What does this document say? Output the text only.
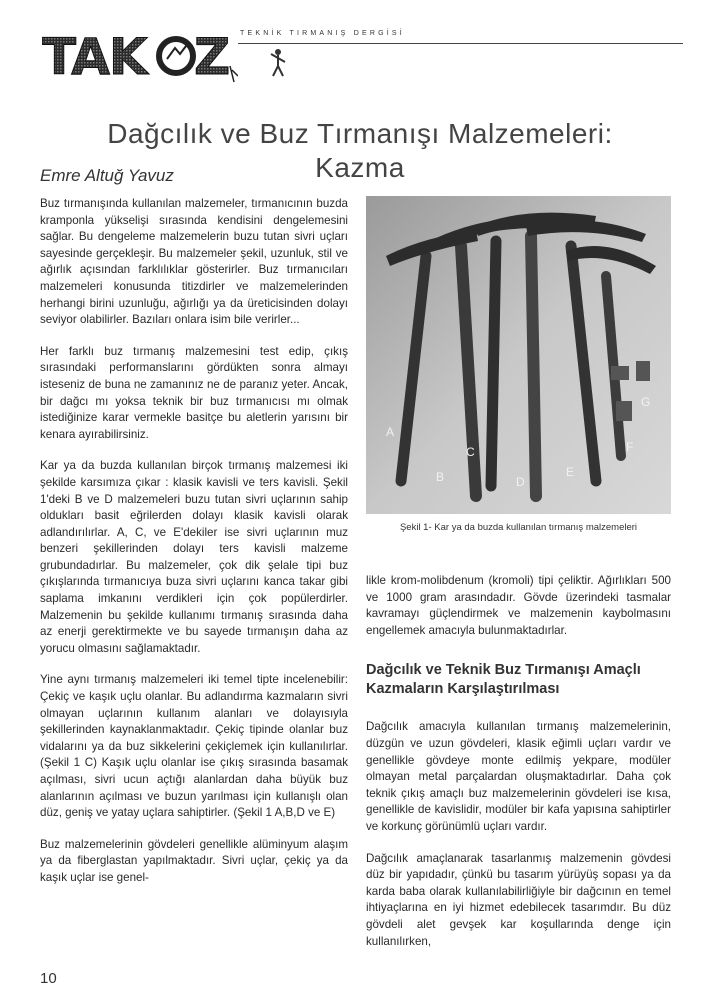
TAK Z TEKNİK TIRMANIŞ DERGİSİ
Dağcılık ve Buz Tırmanışı Malzemeleri: Kazma
Emre Altuğ Yavuz

Buz tırmanışında kullanılan malzemeler, tırmanıcının buzda kramponla yükselişi sırasında kendisini dengelemesini sağlar. Bu dengeleme malzemelerin buzu tutan sivri uçları sayesinde gerçekleşir. Bu malzemeler şekil, uzunluk, stil ve ağırlık açısından farklılıklar gösterirler. Buz tırmanıcıları malzemeleri konusunda titizdirler ve malzemelerinden herhangi birini uzunluğu, ağırlığı ya da üreticisinden dolayı seviyor olabilirler. Bazıları onlara isim bile verirler...

Her farklı buz tırmanış malzemesini test edip, çıkış sırasındaki performanslarını gördükten sonra almayı isteseniz de buna ne zamanınız ne de paranız yeter. Ancak, bir dağcı mı yoksa teknik bir buz tırmanıcısı mı olmak istediğinize karar vermekle basitçe bu aletlerin yarısını bir kenara ayırabilirsiniz.

Kar ya da buzda kullanılan birçok tırmanış malzemesi iki şekilde karsımıza çıkar : klasik kavisli ve ters kavisli. Şekil 1'deki B ve D malzemeleri buzu tutan sivri uçlarının sahip oldukları basit eğrilerden dolayı klasik kavisli olarak adlandırılırlar. A, C, ve E'dekiler ise sivri uçlarının muz benzeri şekillerinden dolayı ters kavisli malzeme grubundadırlar. Bu malzemeler, çok dik şelale tipi buz çıkışlarında tırmanıcıya buza sivri uçlarını kanca takar gibi saplama imkanını verdikleri için çok popülerdirler. Malzemenin bu şekilde kullanımı tırmanış sırasında daha az enerji gerektirmekte ve bu sayede tırmanışın daha az yorucu olmasını sağlamaktadır.

Yine aynı tırmanış malzemeleri iki temel tipte incelenebilir: Çekiç ve kaşık uçlu olanlar. Bu adlandırma kazmaların sivri olmayan uçlarının kullanım alanları ve dolayısıyla şekillerinden kaynaklanmaktadır. Çekiç tipinde olanlar buz vidalarını ya da buz sikkelerini çekiçlemek için kullanılırlar. (Şekil 1 C) Kaşık uçlu olanlar ise çıkış sırasında basamak açılması, sivri ucun açtığı alanlardan daha büyük buz alanlarının açılması ve buzun yarılması için kullanışlı olan düz, geniş ve yatay uçlara sahiptirler. (Şekil 1 A,B,D ve E)

Buz malzemelerinin gövdeleri genellikle alüminyum alaşım ya da fiberglastan yapılmaktadır. Sivri uçlar, çekiç ya da kaşık uçlar ise genel-

A
B
C
D
E
F
G
Şekil 1- Kar ya da buzda kullanılan tırmanış malzemeleri

likle krom-molibdenum (kromoli) tipi çeliktir. Ağırlıkları 500 ve 1000 gram arasındadır. Gövde üzerindeki tasmalar kavramayı güçlendirmek ve malzemenin kaybolmasını engellemek amacıyla bulunmaktadırlar.

Dağcılık ve Teknik Buz Tırmanışı Amaçlı Kazmaların Karşılaştırılması

Dağcılık amacıyla kullanılan tırmanış malzemelerinin, düzgün ve uzun gövdeleri, klasik eğimli uçları vardır ve genellikle gövdeye monte edilmiş yekpare, modüler olmayan metal parçalardan oluşmaktadırlar. Daha çok teknik çıkış amaçlı buz malzemelerinin gövdeleri ise kısa, genellikle de kavislidir, modüler bir kafa yapısına sahiptirler ve korkunç görünümlü uçları vardır.

Dağcılık amaçlanarak tasarlanmış malzemenin gövdesi düz bir yapıdadır, çünkü bu tasarım yürüyüş sopası ya da karda baba olarak kullanılabilirliğiyle bir dağcının en temel ihtiyaçlarına en iyi hizmet edebilecek tasarımdır. Bu düz gövdeli alet gevşek kar koşullarında denge için kullanılırken,

10
